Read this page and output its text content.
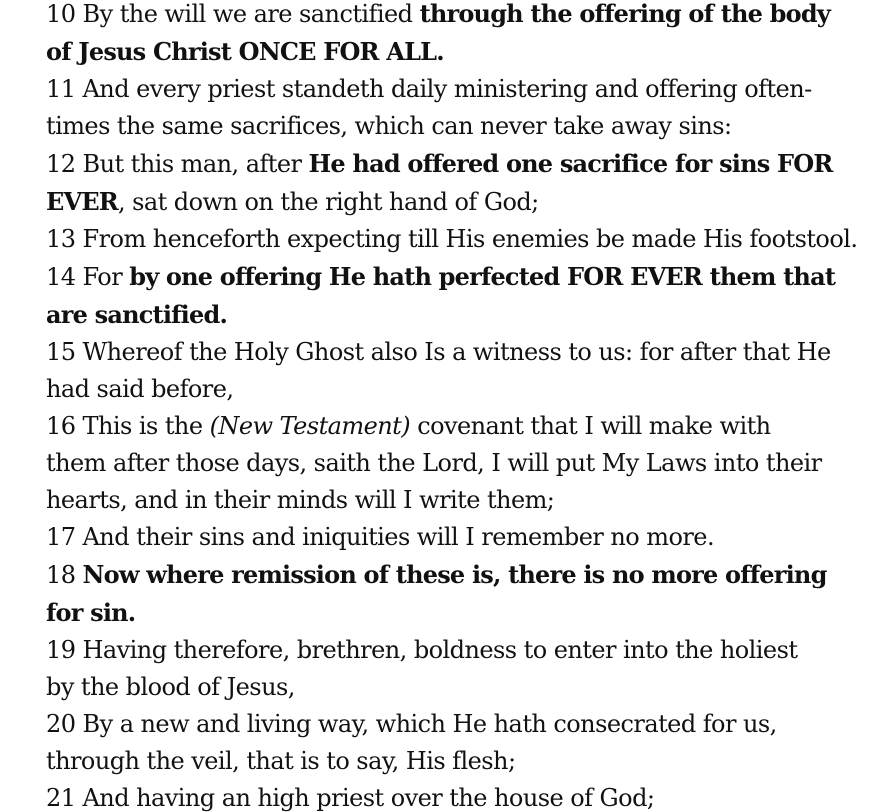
10 By the will we are sanctified through the offering of the body
of Jesus Christ ONCE FOR ALL.
11 And every priest standeth daily ministering and offering often-
times the same sacrifices, which can never take away sins:
12 But this man, after He had offered one sacrifice for sins FOR
EVER, sat down on the right hand of God;
13 From henceforth expecting till His enemies be made His footstool.
14 For by one offering He hath perfected FOR EVER them that
are sanctified.
15 Whereof the Holy Ghost also Is a witness to us: for after that He
had said before,
16 This is the (New Testament) covenant that I will make with
them after those days, saith the Lord, I will put My Laws into their
hearts, and in their minds will I write them;
17 And their sins and iniquities will I remember no more.
18 Now where remission of these is, there is no more offering
for sin.
19 Having therefore, brethren, boldness to enter into the holiest
by the blood of Jesus,
20 By a new and living way, which He hath consecrated for us,
through the veil, that is to say, His flesh;
21 And having an high priest over the house of God;
